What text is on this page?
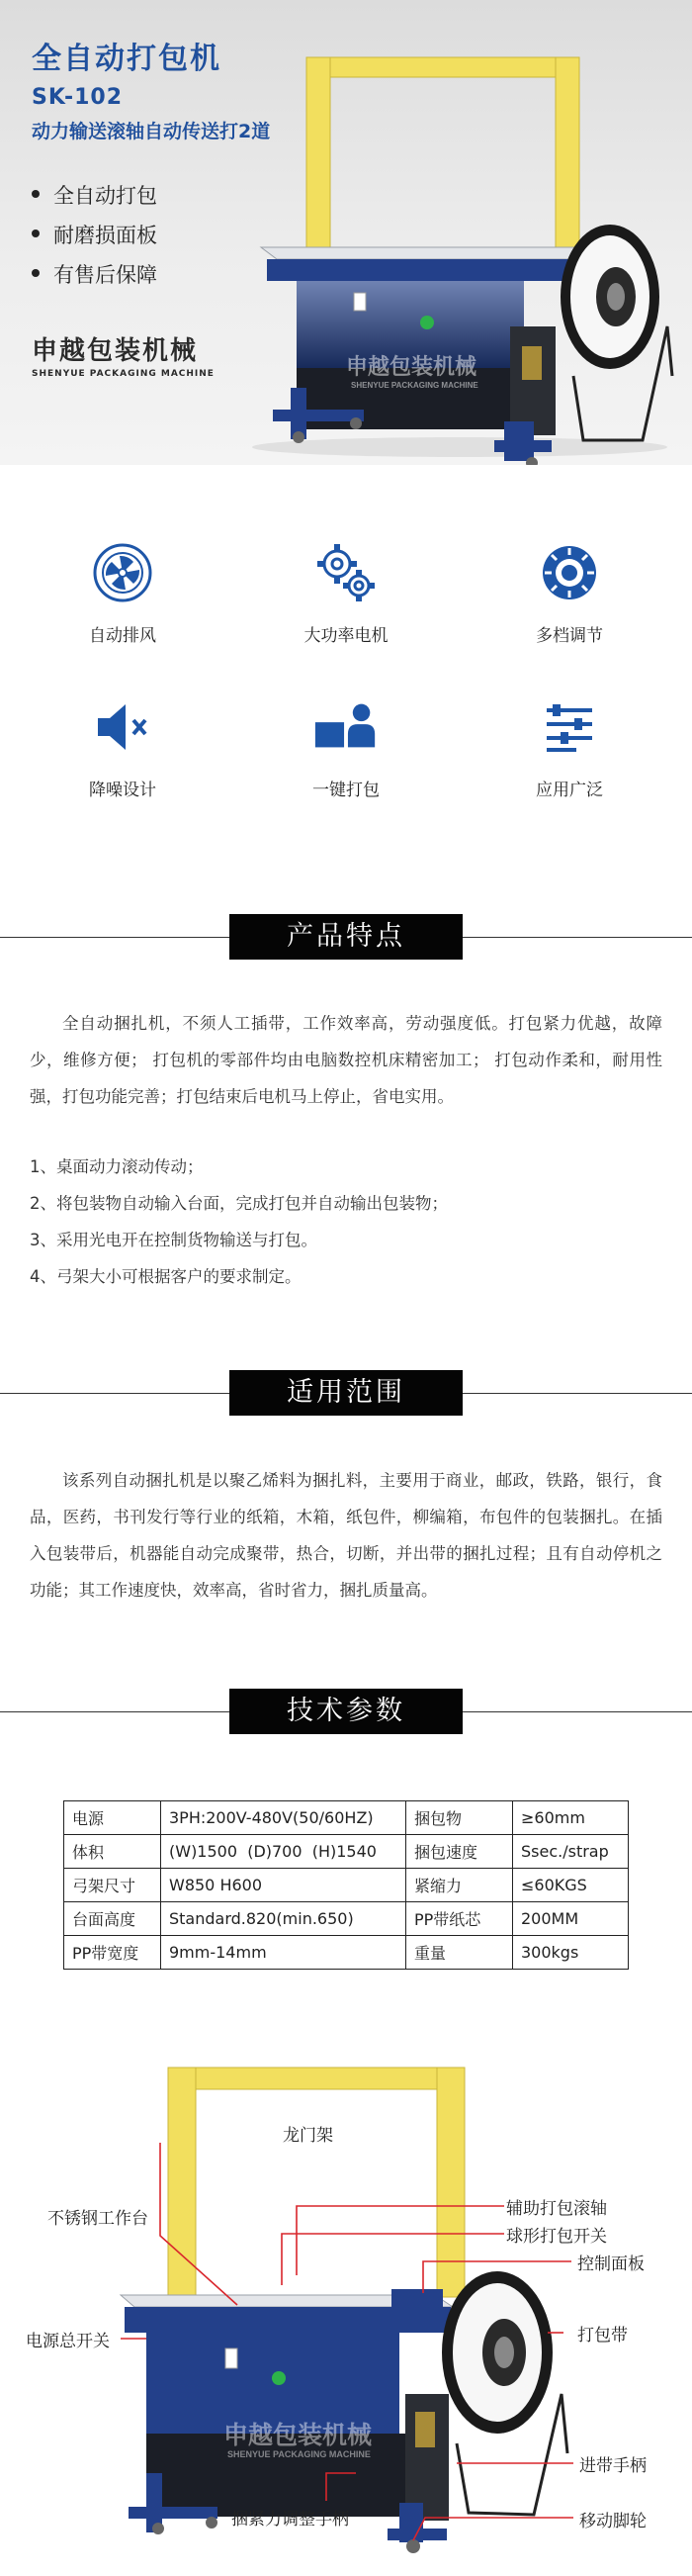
全自动打包机
SK-102
动力输送滚轴自动传送打2道
全自动打包
耐磨损面板
有售后保障
申越包装机械
SHENYUE PACKAGING MACHINE	申越包装机械
SHENYUE PACKAGING MACHINE
自动排风	大功率电机	多档调节
降噪设计	一键打包	应用广泛
产品特点

全自动捆扎机，不须人工插带，工作效率高，劳动强度低。打包紧力优越，故障少，维修方便； 打包机的零部件均由电脑数控机床精密加工； 打包动作柔和，耐用性强，打包功能完善；打包结束后电机马上停止，省电实用。

1、桌面动力滚动传动；
2、将包装物自动输入台面，完成打包并自动输出包装物；
3、采用光电开在控制货物输送与打包。
4、弓架大小可根据客户的要求制定。
适用范围

该系列自动捆扎机是以聚乙烯料为捆扎料，主要用于商业，邮政，铁路，银行，食品，医药，书刊发行等行业的纸箱，木箱，纸包件，柳编箱，布包件的包装捆扎。在插入包装带后，机器能自动完成聚带，热合，切断，并出带的捆扎过程；且有自动停机之功能；其工作速度快，效率高，省时省力，捆扎质量高。

技术参数
电源	3PH:200V-480V(50/60HZ)	捆包物	≥60mm
体积	(W)1500  (D)700  (H)1540	捆包速度	Ssec./strap
弓架尺寸	W850 H600	紧缩力	≤60KGS
台面高度	Standard.820(min.650)	PP带纸芯	200MM
PP带宽度	9mm-14mm	重量	300kgs
申越包装机械
SHENYUE PACKAGING MACHINE
龙门架
不锈钢工作台
电源总开关
辅助打包滚轴
球形打包开关
控制面板
打包带
进带手柄
捆紧力调整手柄	移动脚轮
